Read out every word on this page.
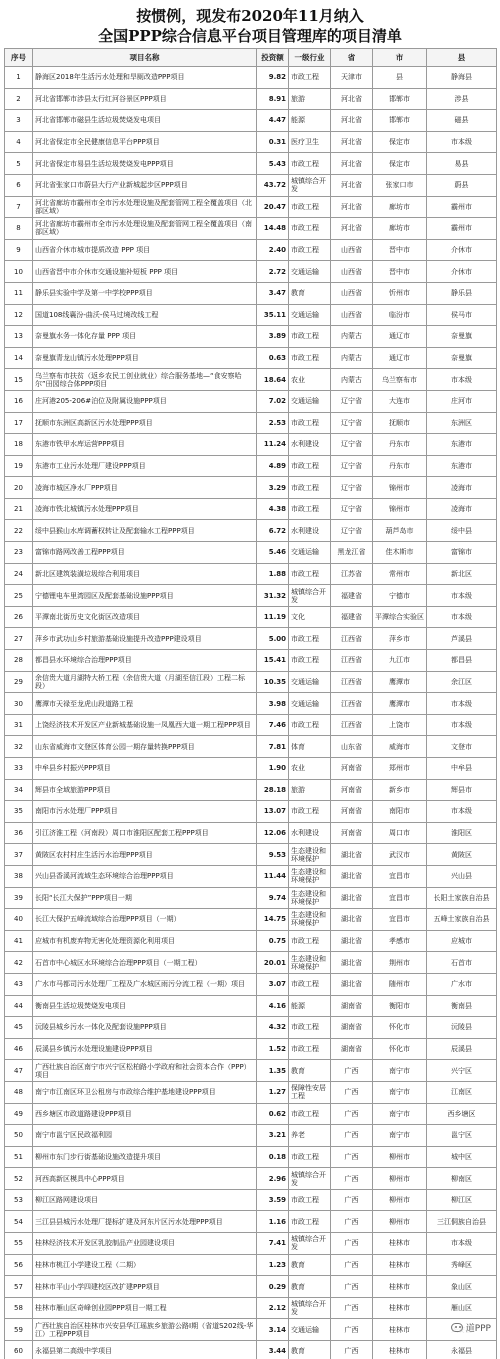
按惯例，现发布2020年11月纳入
全国PPP综合信息平台项目管理库的项目清单
序号	项目名称	投资额	一级行业	省	市	县
1	静海区2018年生活污水处理和旱厕改造PPP项目	9.82	市政工程	天津市	县	静海县
2	河北省邯郸市涉县太行红河谷景区PPP项目	8.91	旅游	河北省	邯郸市	涉县
3	河北省邯郸市磁县生活垃圾焚烧发电项目	4.47	能源	河北省	邯郸市	磁县
4	河北省保定市全民健康信息平台PPP项目	0.31	医疗卫生	河北省	保定市	市本级
5	河北省保定市易县生活垃圾焚烧发电PPP项目	5.43	市政工程	河北省	保定市	易县
6	河北省张家口市蔚县大行产业新城起步区PPP项目	43.72	城镇综合开发	河北省	张家口市	蔚县
7	河北省廊坊市霸州市全市污水处理设施及配套管网工程全覆盖项目（北部区域）	20.47	市政工程	河北省	廊坊市	霸州市
8	河北省廊坊市霸州市全市污水处理设施及配套管网工程全覆盖项目（南部区域）	14.48	市政工程	河北省	廊坊市	霸州市
9	山西省介休市城市提质改造 PPP 项目	2.40	市政工程	山西省	晋中市	介休市
10	山西省晋中市介休市交通设施补短板 PPP 项目	2.72	交通运输	山西省	晋中市	介休市
11	静乐县实验中学及第一中学校PPP项目	3.47	教育	山西省	忻州市	静乐县
12	国道108线襄汾-曲沃-侯马过境改线工程	35.11	交通运输	山西省	临汾市	侯马市
13	奈曼旗水务一体化存量 PPP 项目	3.89	市政工程	内蒙古	通辽市	奈曼旗
14	奈曼旗青龙山镇污水处理PPP项目	0.63	市政工程	内蒙古	通辽市	奈曼旗
15	乌兰察布市扶贫（返乡农民工创业就业）综合服务基地—“食安察哈尔”田园综合体PPP项目	18.64	农业	内蒙古	乌兰察布市	市本级
16	庄河港205-206#泊位及附属设施PPP项目	7.02	交通运输	辽宁省	大连市	庄河市
17	抚顺市东洲区高新区污水处理PPP项目	2.53	市政工程	辽宁省	抚顺市	东洲区
18	东港市铁甲水库运营PPP项目	11.24	水利建设	辽宁省	丹东市	东港市
19	东港市工业污水处理厂建设PPP项目	4.89	市政工程	辽宁省	丹东市	东港市
20	凌海市城区净水厂PPP项目	3.29	市政工程	辽宁省	锦州市	凌海市
21	凌海市铁北城镇污水处理PPP项目	4.38	市政工程	辽宁省	锦州市	凌海市
22	绥中县猴山水库调蓄权转让及配套输水工程PPP项目	6.72	水利建设	辽宁省	葫芦岛市	绥中县
23	富锦市路网改善工程PPP项目	5.46	交通运输	黑龙江省	佳木斯市	富锦市
24	新北区建筑装潢垃圾综合利用项目	1.88	市政工程	江苏省	常州市	新北区
25	宁德锂电车里湾园区及配套基础设施PPP项目	31.32	城镇综合开发	福建省	宁德市	市本级
26	平潭南北街历史文化街区改造项目	11.19	文化	福建省	平潭综合实验区	市本级
27	萍乡市武功山乡村旅游基础设施提升改造PPP建设项目	5.00	市政工程	江西省	萍乡市	芦溪县
28	都昌县水环境综合治理PPP项目	15.41	市政工程	江西省	九江市	都昌县
29	余信贵大道月湖特大桥工程（余信贵大道（月湖至信江段）工程二标段）	10.35	交通运输	江西省	鹰潭市	余江区
30	鹰潭市天禄至龙虎山段道路工程	3.98	交通运输	江西省	鹰潭市	市本级
31	上饶经济技术开发区产业新城基础设施一凤凰西大道一期工程PPP项目	7.46	市政工程	江西省	上饶市	市本级
32	山东省威海市文登区体育公园一期存量转换PPP项目	7.81	体育	山东省	威海市	文登市
33	中牟县乡村振兴PPP项目	1.90	农业	河南省	郑州市	中牟县
34	辉县市全域旅游PPP项目	28.18	旅游	河南省	新乡市	辉县市
35	南阳市污水处理厂PPP项目	13.07	市政工程	河南省	南阳市	市本级
36	引江济淮工程（河南段）周口市淮阳区配套工程PPP项目	12.06	水利建设	河南省	周口市	淮阳区
37	黄陂区农村村庄生活污水治理PPP项目	9.53	生态建设和环境保护	湖北省	武汉市	黄陂区
38	兴山县香溪河流域生态环境综合治理PPP项目	11.44	生态建设和环境保护	湖北省	宜昌市	兴山县
39	长阳“长江大保护”PPP项目一期	9.74	生态建设和环境保护	湖北省	宜昌市	长阳土家族自治县
40	长江大保护五峰流域综合治理PPP项目（一期）	14.75	生态建设和环境保护	湖北省	宜昌市	五峰土家族自治县
41	应城市有机废弃物无害化处理资源化利用项目	0.75	市政工程	湖北省	孝感市	应城市
42	石首市中心城区水环境综合治理PPP项目（一期工程）	20.01	生态建设和环境保护	湖北省	荆州市	石首市
43	广水市马都司污水处理厂工程及广水城区雨污分流工程（一期）项目	3.07	市政工程	湖北省	随州市	广水市
44	衡南县生活垃圾焚烧发电项目	4.16	能源	湖南省	衡阳市	衡南县
45	沅陵县城乡污水一体化及配套设施PPP项目	4.32	市政工程	湖南省	怀化市	沅陵县
46	辰溪县乡镇污水处理设施建设PPP项目	1.52	市政工程	湖南省	怀化市	辰溪县
47	广西壮族自治区南宁市兴宁区松柏路小学政府和社会资本合作（PPP）项目	1.35	教育	广西	南宁市	兴宁区
48	南宁市江南区环卫公租房与市政综合维护基地建设PPP项目	1.27	保障性安居工程	广西	南宁市	江南区
49	西乡塘区市政道路建设PPP项目	0.62	市政工程	广西	南宁市	西乡塘区
50	南宁市邕宁区民政福利园	3.21	养老	广西	南宁市	邕宁区
51	柳州市东门步行街基础设施改造提升项目	0.18	市政工程	广西	柳州市	城中区
52	河西高新区模具中心PPP项目	2.96	城镇综合开发	广西	柳州市	柳南区
53	柳江区路网建设项目	3.59	市政工程	广西	柳州市	柳江区
54	三江县县城污水处理厂提标扩建及河东片区污水处理PPP项目	1.16	市政工程	广西	柳州市	三江侗族自治县
55	桂林经济技术开发区乳胶制品产业园建设项目	7.41	城镇综合开发	广西	桂林市	市本级
56	桂林市桃江小学建设工程（二期）	1.23	教育	广西	桂林市	秀峰区
57	桂林市平山小学四建校区改扩建PPP项目	0.29	教育	广西	桂林市	象山区
58	桂林市雁山区奇峰创业园PPP项目一期工程	2.12	城镇综合开发	广西	桂林市	雁山区
59	广西壮族自治区桂林市兴安县华江瑶族乡旅游公路Ⅰ期（省道S202线-华江）工程PPP项目	3.14	交通运输	广西	桂林市	
60	永福县第二高级中学项目	3.44	教育	广西	桂林市	永福县
道PPP
